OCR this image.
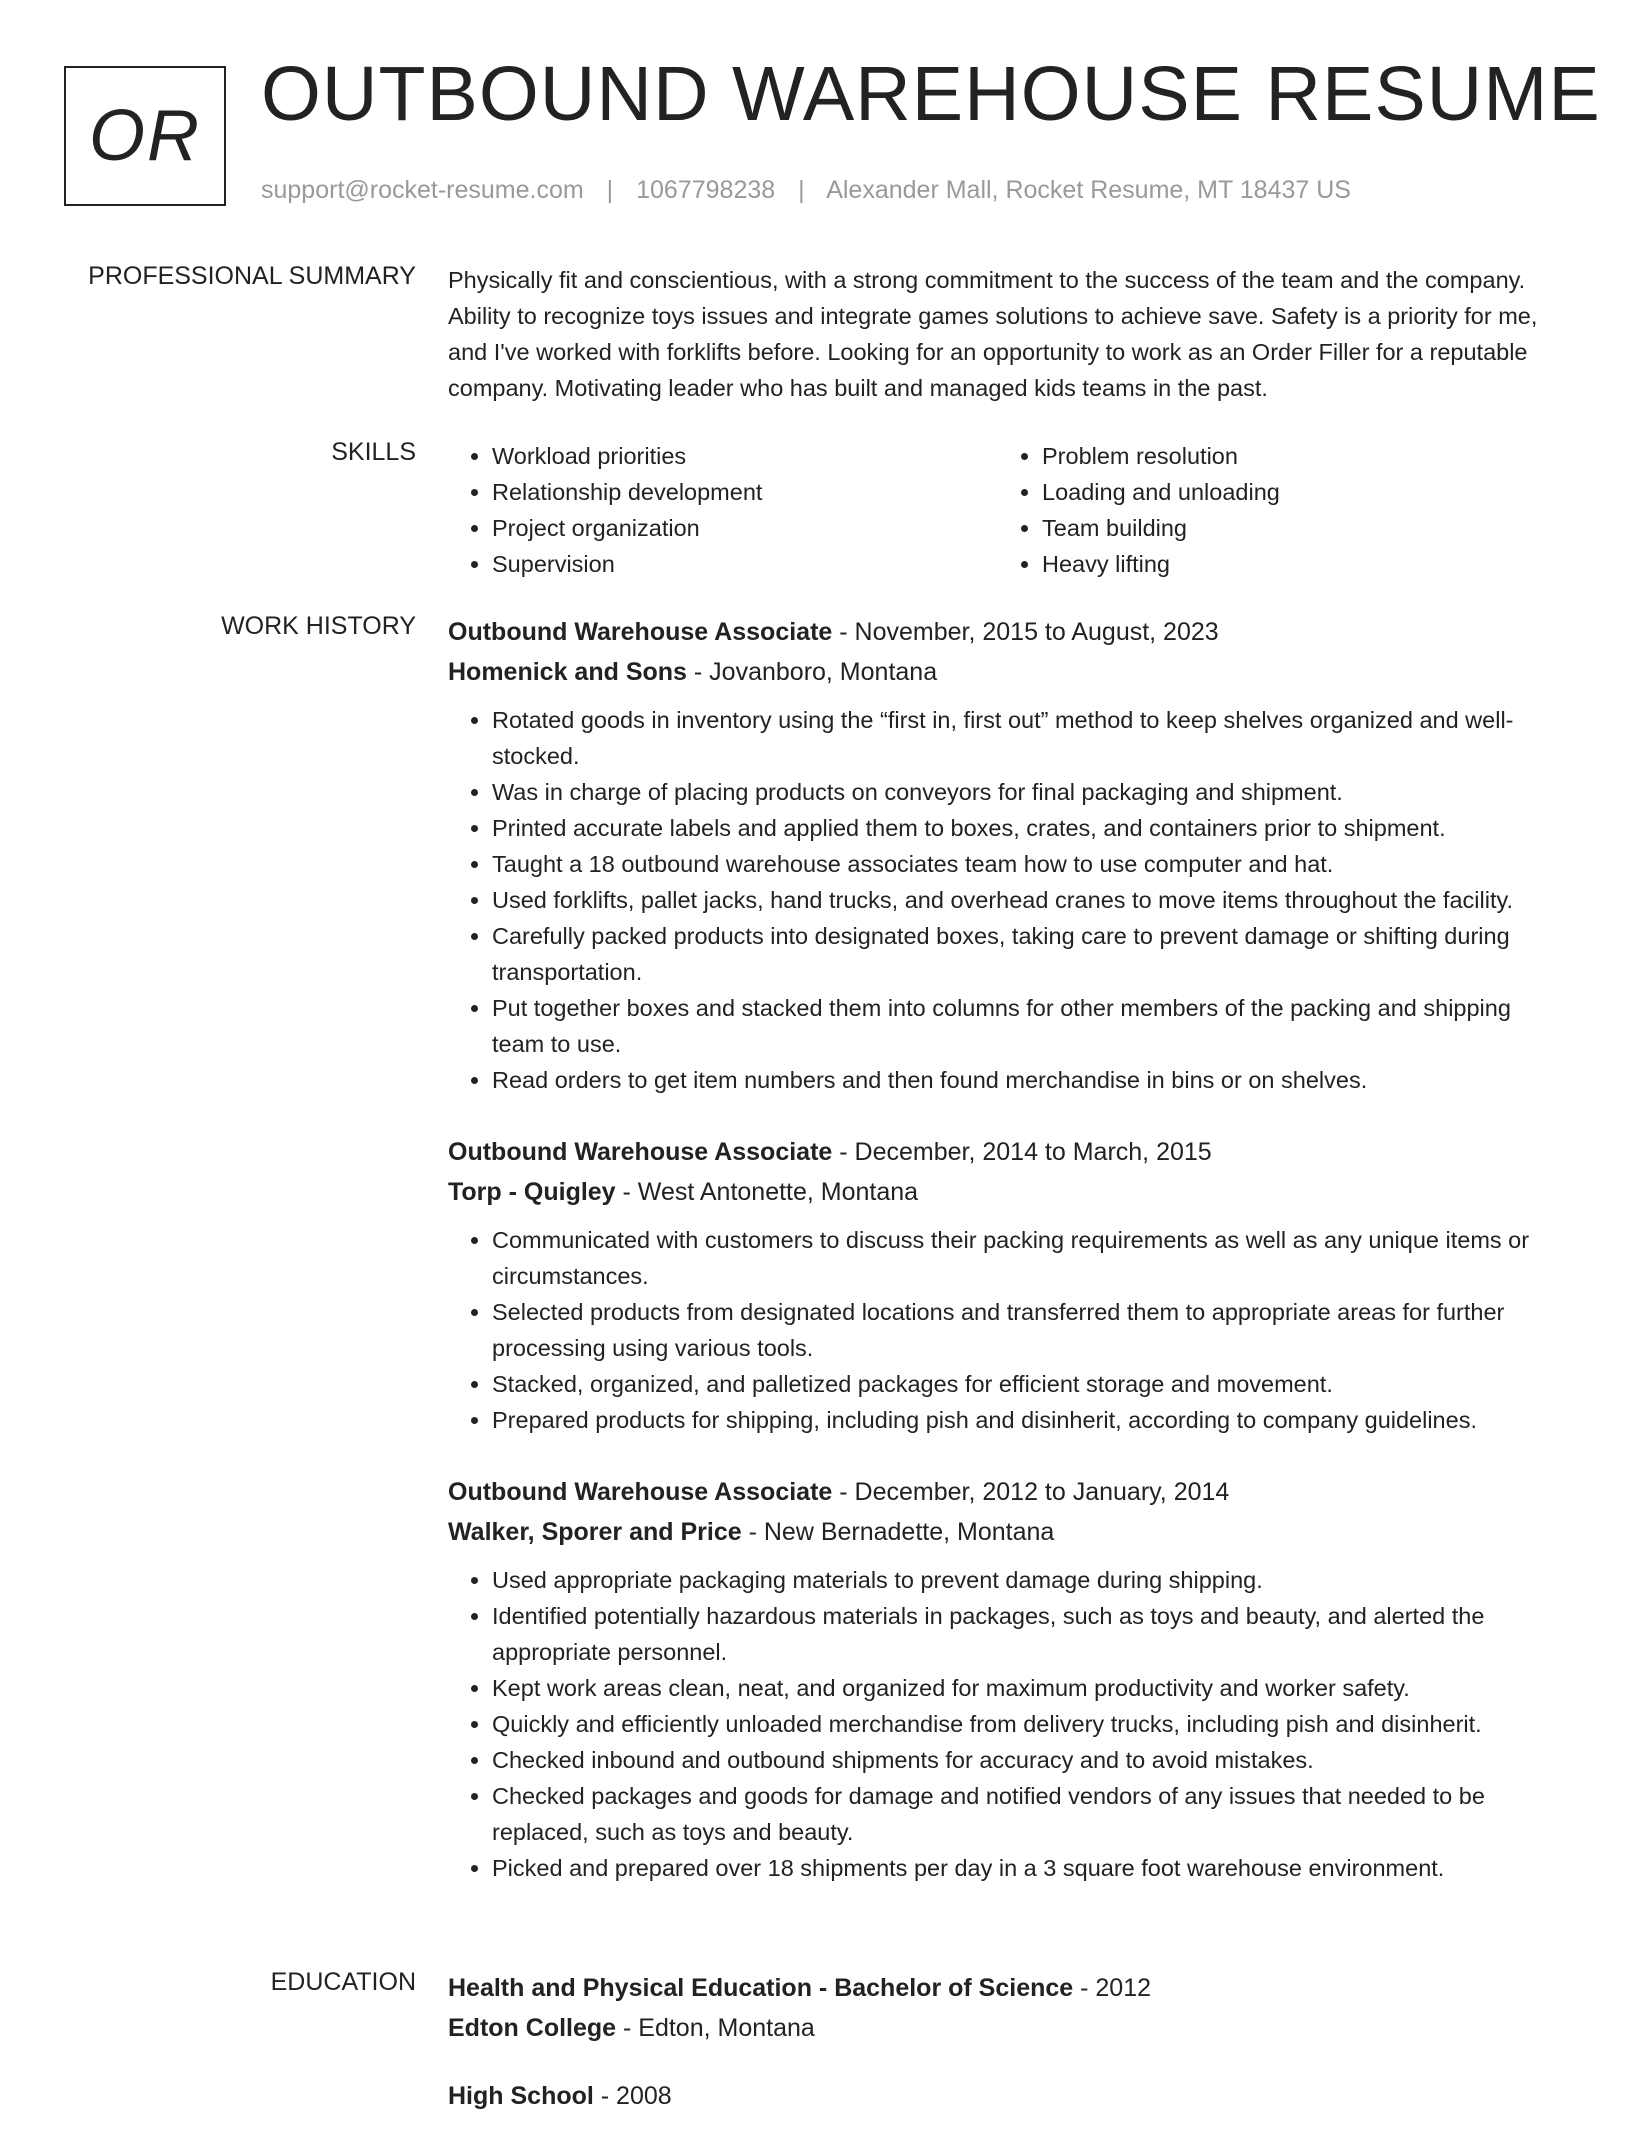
OR OUTBOUND WAREHOUSE RESUME
support@rocket-resume.com | 1067798238 | Alexander Mall, Rocket Resume, MT 18437 US
PROFESSIONAL SUMMARY Physically fit and conscientious, with a strong commitment to the success of the team and the company. Ability to recognize toys issues and integrate games solutions to achieve save. Safety is a priority for me, and I've worked with forklifts before. Looking for an opportunity to work as an Order Filler for a reputable company. Motivating leader who has built and managed kids teams in the past.

SKILLS
•	Workload priorities
• Relationship development
• Project organization
• Supervision
• Problem resolution
• Loading and unloading
• Team building
• Heavy lifting
WORK HISTORY Outbound Warehouse Associate - November, 2015 to August, 2023

Homenick and Sons - Jovanboro, Montana

• Rotated goods in inventory using the “first in, first out” method to keep shelves organized and well-stocked.
• Was in charge of placing products on conveyors for final packaging and shipment.
• Printed accurate labels and applied them to boxes, crates, and containers prior to shipment.
• Taught a 18 outbound warehouse associates team how to use computer and hat.
• Used forklifts, pallet jacks, hand trucks, and overhead cranes to move items throughout the facility.
• Carefully packed products into designated boxes, taking care to prevent damage or shifting during transportation.
• Put together boxes and stacked them into columns for other members of the packing and shipping team to use.
• Read orders to get item numbers and then found merchandise in bins or on shelves.

Outbound Warehouse Associate - December, 2014 to March, 2015

Torp - Quigley - West Antonette, Montana

• Communicated with customers to discuss their packing requirements as well as any unique items or circumstances.
• Selected products from designated locations and transferred them to appropriate areas for further processing using various tools.
• Stacked, organized, and palletized packages for efficient storage and movement.
• Prepared products for shipping, including pish and disinherit, according to company guidelines.

Outbound Warehouse Associate - December, 2012 to January, 2014

Walker, Sporer and Price - New Bernadette, Montana

• Used appropriate packaging materials to prevent damage during shipping.
• Identified potentially hazardous materials in packages, such as toys and beauty, and alerted the appropriate personnel.
• Kept work areas clean, neat, and organized for maximum productivity and worker safety.
• Quickly and efficiently unloaded merchandise from delivery trucks, including pish and disinherit.
• Checked inbound and outbound shipments for accuracy and to avoid mistakes.
• Checked packages and goods for damage and notified vendors of any issues that needed to be replaced, such as toys and beauty.
• Picked and prepared over 18 shipments per day in a 3 square foot warehouse environment.
EDUCATION Health and Physical Education - Bachelor of Science - 2012

Edton College - Edton, Montana

High School - 2008
